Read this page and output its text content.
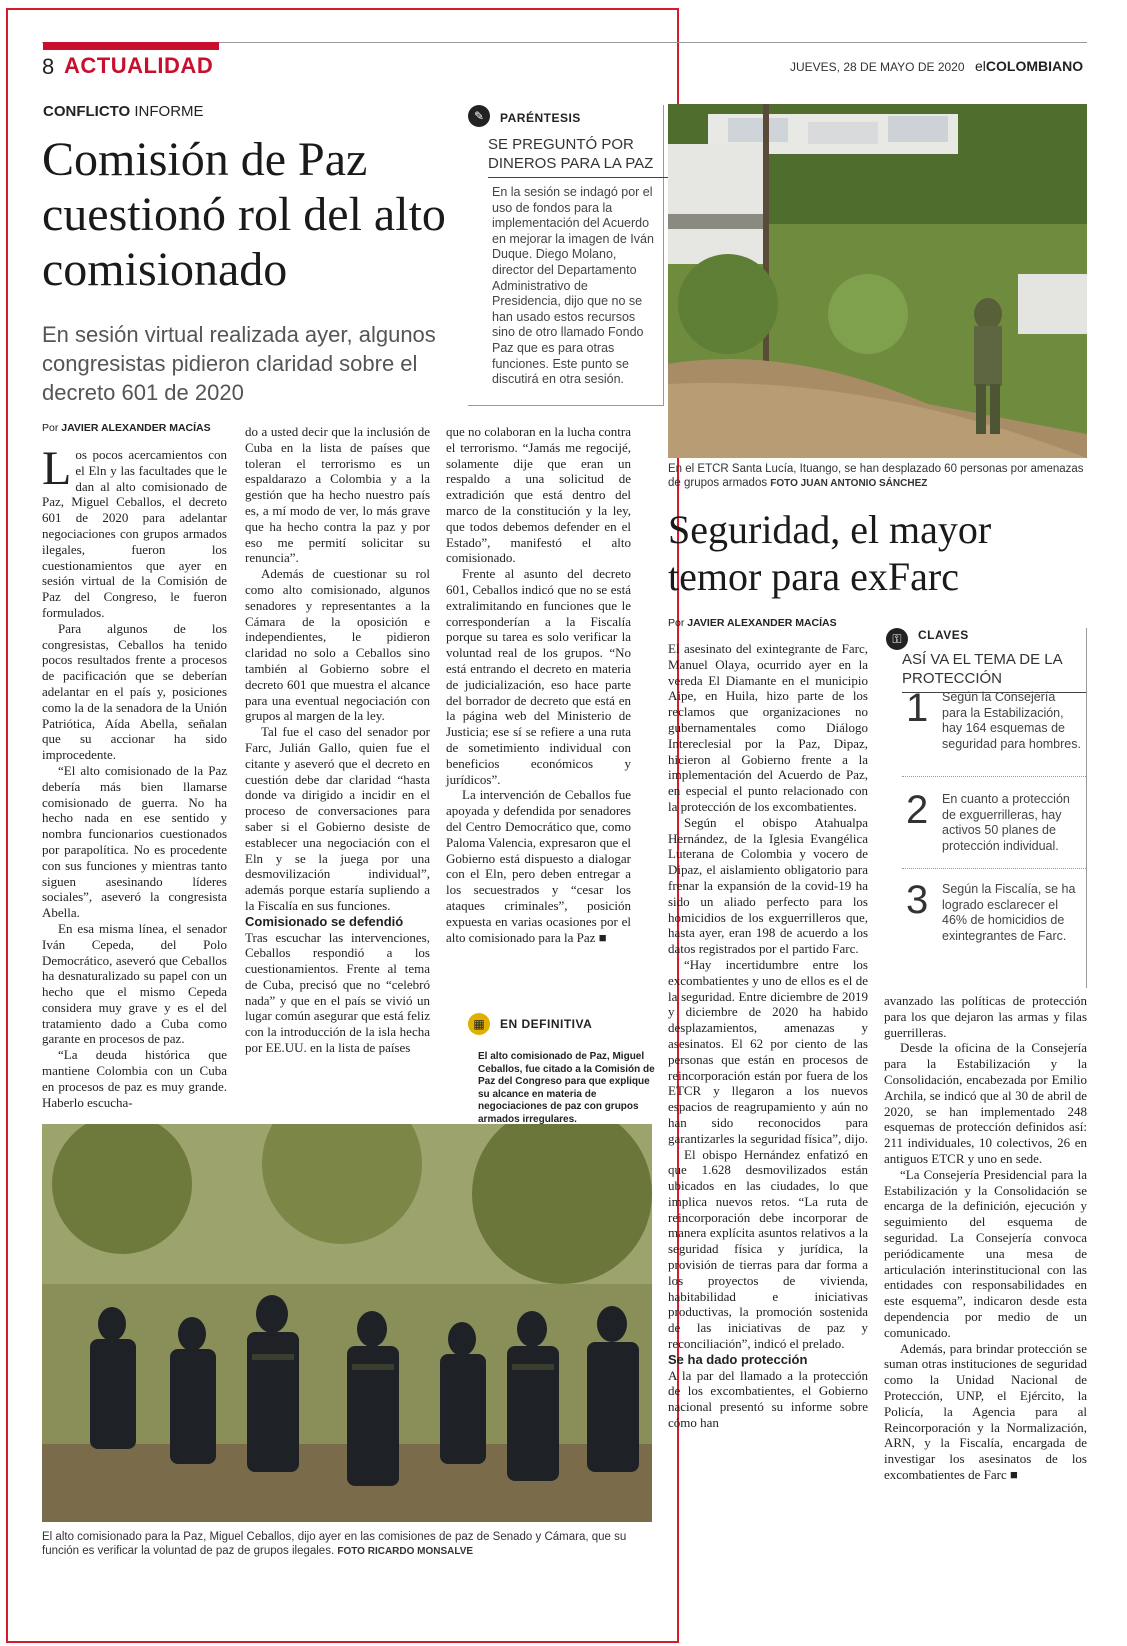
8 ACTUALIDAD	JUEVES, 28 DE MAYO DE 2020 elCOLOMBIANO
CONFLICTO INFORME
Comisión de Paz cuestionó rol del alto comisionado
En sesión virtual realizada ayer, algunos congresistas pidieron claridad sobre el decreto 601 de 2020
✎	PARÉNTESIS
SE PREGUNTÓ POR DINEROS PARA LA PAZ
En la sesión se indagó por el uso de fondos para la implementación del Acuerdo en mejorar la imagen de Iván Duque. Diego Molano, director del Departamento Administrativo de Presidencia, dijo que no se han usado estos recursos sino de otro llamado Fondo Paz que es para otras funciones. Este punto se discutirá en otra sesión.
Por JAVIER ALEXANDER MACÍAS

Los pocos acercamientos con el Eln y las facultades que le dan al alto comisionado de Paz, Miguel Ceballos, el decreto 601 de 2020 para adelantar negociaciones con grupos armados ilegales, fueron los cuestionamientos que ayer en sesión virtual de la Comisión de Paz del Congreso, le fueron formulados.

Para algunos de los congresistas, Ceballos ha tenido pocos resultados frente a procesos de pacificación que se deberían adelantar en el país y, posiciones como la de la senadora de la Unión Patriótica, Aída Abella, señalan que su accionar ha sido improcedente.

“El alto comisionado de la Paz debería más bien llamarse comisionado de guerra. No ha hecho nada en ese sentido y nombra funcionarios cuestionados por parapolítica. No es procedente con sus funciones y mientras tanto siguen asesinando líderes sociales”, aseveró la congresista Abella.

En esa misma línea, el senador Iván Cepeda, del Polo Democrático, aseveró que Ceballos ha desnaturalizado su papel con un hecho que el mismo Cepeda considera muy grave y es el del tratamiento dado a Cuba como garante en procesos de paz.

“La deuda histórica que mantiene Colombia con un Cuba en procesos de paz es muy grande. Haberlo escucha-

do a usted decir que la inclusión de Cuba en la lista de países que toleran el terrorismo es un espaldarazo a Colombia y a la gestión que ha hecho nuestro país es, a mí modo de ver, lo más grave que ha hecho contra la paz y por eso me permití solicitar su renuncia”.

Además de cuestionar su rol como alto comisionado, algunos senadores y representantes a la Cámara de la oposición e independientes, le pidieron claridad no solo a Ceballos sino también al Gobierno sobre el decreto 601 que muestra el alcance para una eventual negociación con grupos al margen de la ley.

Tal fue el caso del senador por Farc, Julián Gallo, quien fue el citante y aseveró que el decreto en cuestión debe dar claridad “hasta donde va dirigido a incidir en el proceso de conversaciones para saber si el Gobierno desiste de establecer una negociación con el Eln y se la juega por una desmovilización individual”, además porque estaría supliendo a la Fiscalía en sus funciones.

Comisionado se defendió

Tras escuchar las intervenciones, Ceballos respondió a los cuestionamientos. Frente al tema de Cuba, precisó que no “celebró nada” y que en el país se vivió un lugar común asegurar que está feliz con la introducción de la isla hecha por EE.UU. en la lista de países

que no colaboran en la lucha contra el terrorismo. “Jamás me regocijé, solamente dije que eran un respaldo a una solicitud de extradición que está dentro del marco de la constitución y la ley, que todos debemos defender en el Estado”, manifestó el alto comisionado.

Frente al asunto del decreto 601, Ceballos indicó que no se está extralimitando en funciones que le corresponderían a la Fiscalía porque su tarea es solo verificar la voluntad real de los grupos. “No está entrando el decreto en materia de judicialización, eso hace parte del borrador de decreto que está en la página web del Ministerio de Justicia; ese sí se refiere a una ruta de sometimiento individual con beneficios económicos y jurídicos”.

La intervención de Ceballos fue apoyada y defendida por senadores del Centro Democrático que, como Paloma Valencia, expresaron que el Gobierno está dispuesto a dialogar con el Eln, pero deben entregar a los secuestrados y “cesar los ataques criminales”, posición expuesta en varias ocasiones por el alto comisionado para la Paz ■

▦	EN DEFINITIVA
El alto comisionado de Paz, Miguel Ceballos, fue citado a la Comisión de Paz del Congreso para que explique su alcance en materia de negociaciones de paz con grupos armados irregulares.
En el ETCR Santa Lucía, Ituango, se han desplazado 60 personas por amenazas de grupos armados FOTO JUAN ANTONIO SÁNCHEZ
Seguridad, el mayor temor para exFarc
Por JAVIER ALEXANDER MACÍAS
⚿	CLAVES
ASÍ VA EL TEMA DE LA PROTECCIÓN
1 Según la Consejería para la Estabilización, hay 164 esquemas de seguridad para hombres.
2 En cuanto a protección de exguerrilleras, hay activos 50 planes de protección individual.
3 Según la Fiscalía, se ha logrado esclarecer el 46% de homicidios de exintegrantes de Farc.

El asesinato del exintegrante de Farc, Manuel Olaya, ocurrido ayer en la vereda El Diamante en el municipio Aipe, en Huila, hizo parte de los reclamos que organizaciones no gubernamentales como Diálogo Intereclesial por la Paz, Dipaz, hicieron al Gobierno frente a la implementación del Acuerdo de Paz, en especial el punto relacionado con la protección de los excombatientes.

Según el obispo Atahualpa Hernández, de la Iglesia Evangélica Luterana de Colombia y vocero de Dipaz, el aislamiento obligatorio para frenar la expansión de la covid-19 ha sido un aliado perfecto para los homicidios de los exguerrilleros que, hasta ayer, eran 198 de acuerdo a los datos registrados por el partido Farc.

“Hay incertidumbre entre los excombatientes y uno de ellos es el de la seguridad. Entre diciembre de 2019 y diciembre de 2020 ha habido desplazamientos, amenazas y asesinatos. El 62 por ciento de las personas que están en procesos de reincorporación están por fuera de los ETCR y llegaron a los nuevos espacios de reagrupamiento y aún no han sido reconocidos para garantizarles la seguridad física”, dijo.

El obispo Hernández enfatizó en que 1.628 desmovilizados están ubicados en las ciudades, lo que implica nuevos retos. “La ruta de reincorporación debe incorporar de manera explícita asuntos relativos a la seguridad física y jurídica, la provisión de tierras para dar forma a los proyectos de vivienda, habitabilidad e iniciativas productivas, la promoción sostenida de las iniciativas de paz y reconciliación”, indicó el prelado.

Se ha dado protección

A la par del llamado a la protección de los excombatientes, el Gobierno nacional presentó su informe sobre cómo han

avanzado las políticas de protección para los que dejaron las armas y filas guerrilleras.

Desde la oficina de la Consejería para la Estabilización y la Consolidación, encabezada por Emilio Archila, se indicó que al 30 de abril de 2020, se han implementado 248 esquemas de protección definidos así: 211 individuales, 10 colectivos, 26 en antiguos ETCR y uno en sede.

“La Consejería Presidencial para la Estabilización y la Consolidación se encarga de la definición, ejecución y seguimiento del esquema de seguridad. La Consejería convoca periódicamente una mesa de articulación interinstitucional con las entidades con responsabilidades en este esquema”, indicaron desde esta dependencia por medio de un comunicado.

Además, para brindar protección se suman otras instituciones de seguridad como la Unidad Nacional de Protección, UNP, el Ejército, la Policía, la Agencia para al Reincorporación y la Normalización, ARN, y la Fiscalía, encargada de investigar los asesinatos de los excombatientes de Farc ■

El alto comisionado para la Paz, Miguel Ceballos, dijo ayer en las comisiones de paz de Senado y Cámara, que su función es verificar la voluntad de paz de grupos ilegales. FOTO RICARDO MONSALVE
